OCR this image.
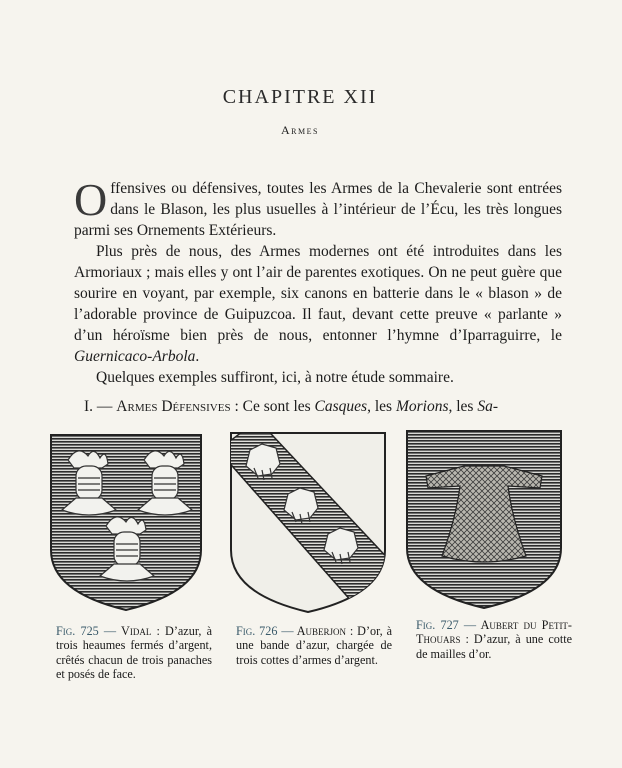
CHAPITRE XII
Armes

Offensives ou défensives, toutes les Armes de la Chevalerie sont entrées dans le Blason, les plus usuelles à l’intérieur de l’Écu, les très longues parmi ses Ornements Extérieurs.

Plus près de nous, des Armes modernes ont été introduites dans les Armoriaux ; mais elles y ont l’air de parentes exotiques. On ne peut guère que sourire en voyant, par exemple, six canons en batterie dans le « blason » de l’adorable province de Guipuzcoa. Il faut, devant cette preuve « parlante » d’un héroïsme bien près de nous, entonner l’hymne d’Iparraguirre, le Guernicaco-Arbola.

Quelques exemples suffiront, ici, à notre étude sommaire.

I. — Armes Défensives : Ce sont les Casques, les Morions, les Sa-
Fig. 725 — Vidal : D’azur, à trois heaumes fermés d’argent, crêtés chacun de trois panaches et posés de face.
Fig. 726 — Auberjon : D’or, à une bande d’azur, chargée de trois cottes d’armes d’argent.
Fig. 727 — Aubert du Petit-Thouars : D’azur, à une cotte de mailles d’or.
